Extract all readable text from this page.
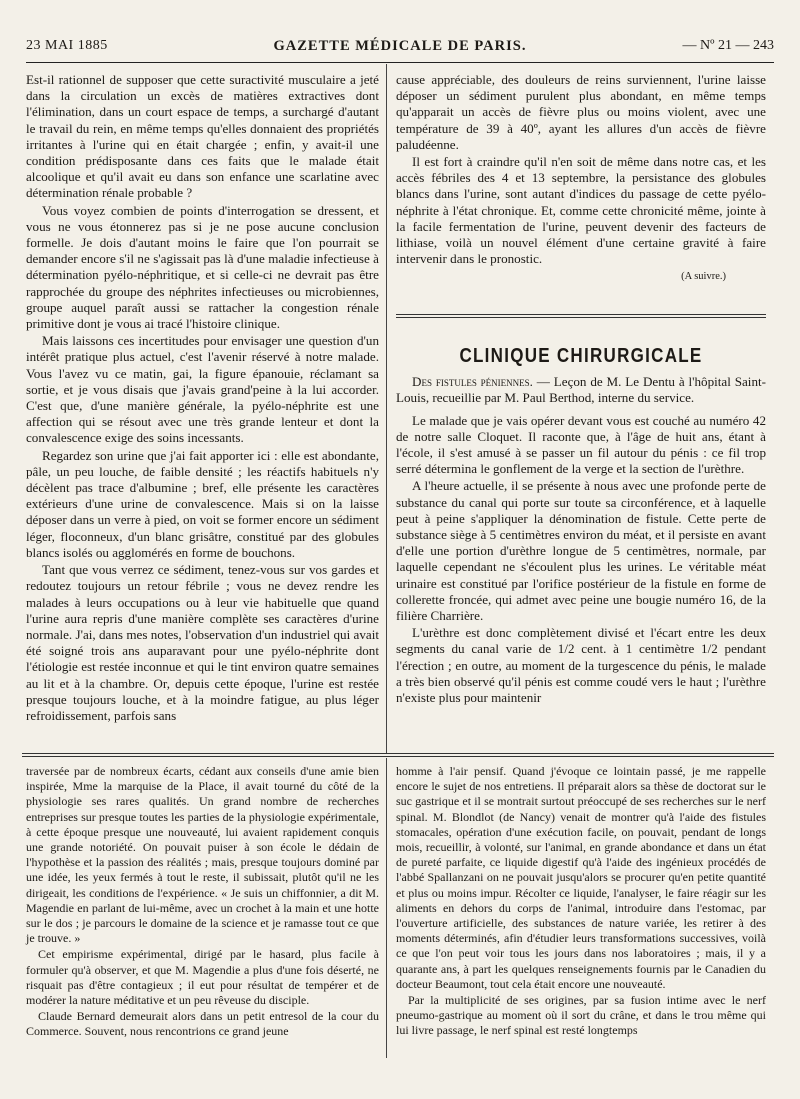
23 MAI 1885	GAZETTE MÉDICALE DE PARIS.	— Nº 21 — 243

Est-il rationnel de supposer que cette suractivité musculaire a jeté dans la circulation un excès de matières extractives dont l'élimination, dans un court espace de temps, a surchargé d'autant le travail du rein, en même temps qu'elles donnaient des propriétés irritantes à l'urine qui en était chargée ; enfin, y avait-il une condition prédisposante dans ces faits que le malade était alcoolique et qu'il avait eu dans son enfance une scarlatine avec détermination rénale probable ?

Vous voyez combien de points d'interrogation se dressent, et vous ne vous étonnerez pas si je ne pose aucune conclusion formelle. Je dois d'autant moins le faire que l'on pourrait se demander encore s'il ne s'agissait pas là d'une maladie infectieuse à détermination pyélo-néphritique, et si celle-ci ne devrait pas être rapprochée du groupe des néphrites infectieuses ou microbiennes, groupe auquel paraît aussi se rattacher la congestion rénale primitive dont je vous ai tracé l'histoire clinique.

Mais laissons ces incertitudes pour envisager une question d'un intérêt pratique plus actuel, c'est l'avenir réservé à notre malade. Vous l'avez vu ce matin, gai, la figure épanouie, réclamant sa sortie, et je vous disais que j'avais grand'peine à la lui accorder. C'est que, d'une manière générale, la pyélo-néphrite est une affection qui se résout avec une très grande lenteur et dont la convalescence exige des soins incessants.

Regardez son urine que j'ai fait apporter ici : elle est abondante, pâle, un peu louche, de faible densité ; les réactifs habituels n'y décèlent pas trace d'albumine ; bref, elle présente les caractères extérieurs d'une urine de convalescence. Mais si on la laisse déposer dans un verre à pied, on voit se former encore un sédiment léger, floconneux, d'un blanc grisâtre, constitué par des globules blancs isolés ou agglomérés en forme de bouchons.

Tant que vous verrez ce sédiment, tenez-vous sur vos gardes et redoutez toujours un retour fébrile ; vous ne devez rendre les malades à leurs occupations ou à leur vie habituelle que quand l'urine aura repris d'une manière complète ses caractères d'urine normale. J'ai, dans mes notes, l'observation d'un industriel qui avait été soigné trois ans auparavant pour une pyélo-néphrite dont l'étiologie est restée inconnue et qui le tint environ quatre semaines au lit et à la chambre. Or, depuis cette époque, l'urine est restée presque toujours louche, et à la moindre fatigue, au plus léger refroidissement, parfois sans

cause appréciable, des douleurs de reins surviennent, l'urine laisse déposer un sédiment purulent plus abondant, en même temps qu'apparait un accès de fièvre plus ou moins violent, avec une température de 39 à 40º, ayant les allures d'un accès de fièvre paludéenne.

Il est fort à craindre qu'il n'en soit de même dans notre cas, et les accès fébriles des 4 et 13 septembre, la persistance des globules blancs dans l'urine, sont autant d'indices du passage de cette pyélo-néphrite à l'état chronique. Et, comme cette chronicité même, jointe à la facile fermentation de l'urine, peuvent devenir des facteurs de lithiase, voilà un nouvel élément d'une certaine gravité à faire intervenir dans le pronostic.

(A suivre.)
CLINIQUE CHIRURGICALE

Des fistules péniennes. — Leçon de M. Le Dentu à l'hôpital Saint-Louis, recueillie par M. Paul Berthod, interne du service.

Le malade que je vais opérer devant vous est couché au numéro 42 de notre salle Cloquet. Il raconte que, à l'âge de huit ans, étant à l'école, il s'est amusé à se passer un fil autour du pénis : ce fil trop serré détermina le gonflement de la verge et la section de l'urèthre.

A l'heure actuelle, il se présente à nous avec une profonde perte de substance du canal qui porte sur toute sa circonférence, et à laquelle peut à peine s'appliquer la dénomination de fistule. Cette perte de substance siège à 5 centimètres environ du méat, et il persiste en avant d'elle une portion d'urèthre longue de 5 centimètres, normale, par laquelle cependant ne s'écoulent plus les urines. Le véritable méat urinaire est constitué par l'orifice postérieur de la fistule en forme de collerette froncée, qui admet avec peine une bougie numéro 16, de la filière Charrière.

L'urèthre est donc complètement divisé et l'écart entre les deux segments du canal varie de 1/2 cent. à 1 centimètre 1/2 pendant l'érection ; en outre, au moment de la turgescence du pénis, le malade a très bien observé qu'il pénis est comme coudé vers le haut ; l'urèthre n'existe plus pour maintenir

traversée par de nombreux écarts, cédant aux conseils d'une amie bien inspirée, Mme la marquise de la Place, il avait tourné du côté de la physiologie ses rares qualités. Un grand nombre de recherches entreprises sur presque toutes les parties de la physiologie expérimentale, à cette époque presque une nouveauté, lui avaient rapidement conquis une grande notoriété. On pouvait puiser à son école le dédain de l'hypothèse et la passion des réalités ; mais, presque toujours dominé par une idée, les yeux fermés à tout le reste, il subissait, plutôt qu'il ne les dirigeait, les conditions de l'expérience. « Je suis un chiffonnier, a dit M. Magendie en parlant de lui-même, avec un crochet à la main et une hotte sur le dos ; je parcours le domaine de la science et je ramasse tout ce que je trouve. »

Cet empirisme expérimental, dirigé par le hasard, plus facile à formuler qu'à observer, et que M. Magendie a plus d'une fois déserté, ne risquait pas d'être contagieux ; il eut pour résultat de tempérer et de modérer la nature méditative et un peu rêveuse du disciple.

Claude Bernard demeurait alors dans un petit entresol de la cour du Commerce. Souvent, nous rencontrions ce grand jeune

homme à l'air pensif. Quand j'évoque ce lointain passé, je me rappelle encore le sujet de nos entretiens. Il préparait alors sa thèse de doctorat sur le suc gastrique et il se montrait surtout préoccupé de ses recherches sur le nerf spinal. M. Blondlot (de Nancy) venait de montrer qu'à l'aide des fistules stomacales, opération d'une exécution facile, on pouvait, pendant de longs mois, recueillir, à volonté, sur l'animal, en grande abondance et dans un état de pureté parfaite, ce liquide digestif qu'à l'aide des ingénieux procédés de l'abbé Spallanzani on ne pouvait jusqu'alors se procurer qu'en petite quantité et plus ou moins impur. Récolter ce liquide, l'analyser, le faire réagir sur les aliments en dehors du corps de l'animal, introduire dans l'estomac, par l'ouverture artificielle, des substances de nature variée, les retirer à des moments déterminés, afin d'étudier leurs transformations successives, voilà ce que l'on peut voir tous les jours dans nos laboratoires ; mais, il y a quarante ans, à part les quelques renseignements fournis par le Canadien du docteur Beaumont, tout cela était encore une nouveauté.

Par la multiplicité de ses origines, par sa fusion intime avec le nerf pneumo-gastrique au moment où il sort du crâne, et dans le trou même qui lui livre passage, le nerf spinal est resté longtemps
